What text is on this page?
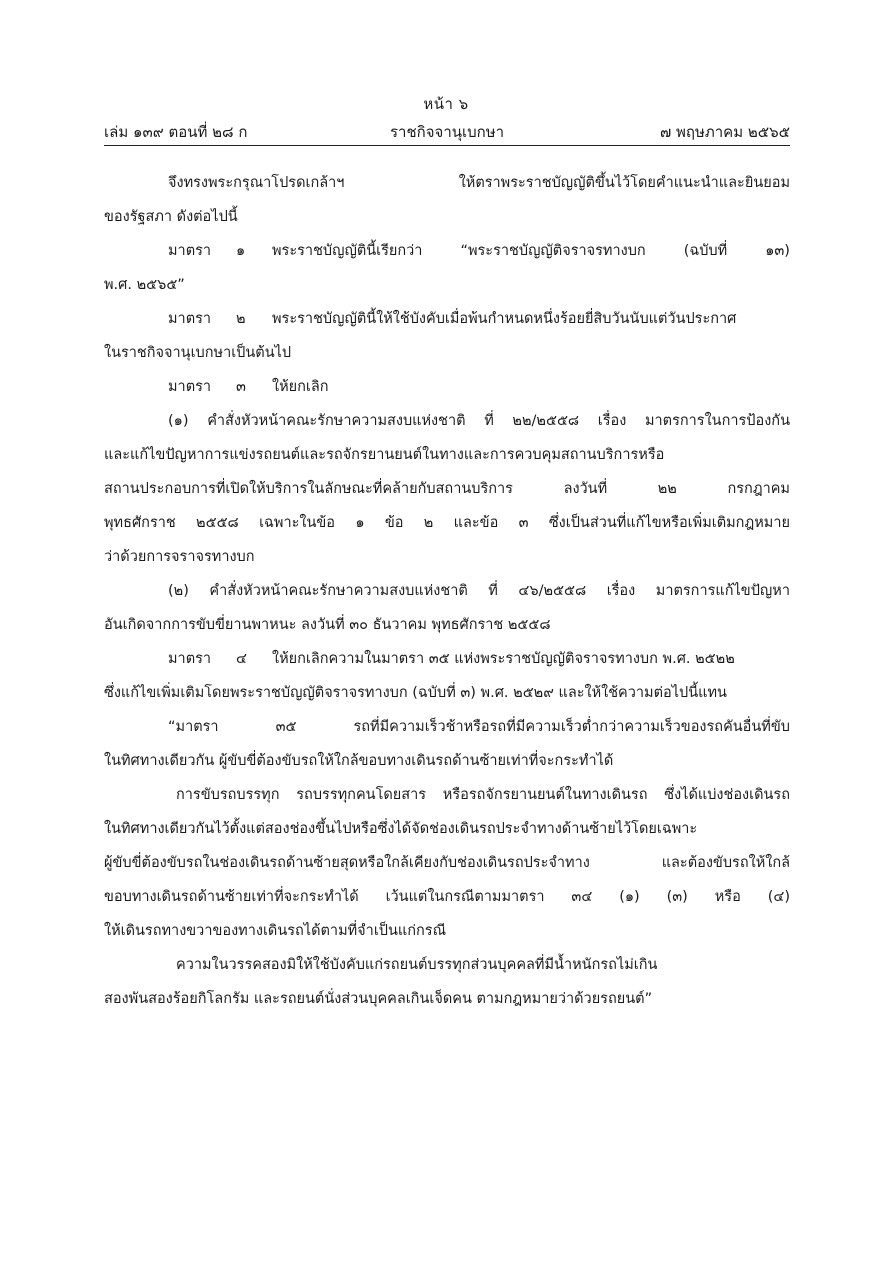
หน้า ๖
เล่ม ๑๓๙ ตอนที่ ๒๘ ก	ราชกิจจานุเบกษา	๗ พฤษภาคม ๒๕๖๕
จึงทรงพระกรุณาโปรดเกล้าฯ	ให้ตราพระราชบัญญัติขึ้นไว้โดยคำแนะนำและยินยอม
ของรัฐสภา ดังต่อไปนี้
มาตรา	๑	พระราชบัญญัตินี้เรียกว่า	“พระราชบัญญัติจราจรทางบก	(ฉบับที่	๑๓)
พ.ศ. ๒๕๖๕”
มาตรา	๒	พระราชบัญญัตินี้ให้ใช้บังคับเมื่อพ้นกำหนดหนึ่งร้อยยี่สิบวันนับแต่วันประกาศ
ในราชกิจจานุเบกษาเป็นต้นไป
มาตรา	๓	ให้ยกเลิก
(๑) คำสั่งหัวหน้าคณะรักษาความสงบแห่งชาติ ที่ ๒๒/๒๕๕๘ เรื่อง มาตรการในการป้องกัน
และแก้ไขปัญหาการแข่งรถยนต์และรถจักรยานยนต์ในทางและการควบคุมสถานบริการหรือ
สถานประกอบการที่เปิดให้บริการในลักษณะที่คล้ายกับสถานบริการ	ลงวันที่	๒๒	กรกฎาคม
พุทธศักราช ๒๕๕๘ เฉพาะในข้อ ๑ ข้อ ๒ และข้อ ๓ ซึ่งเป็นส่วนที่แก้ไขหรือเพิ่มเติมกฎหมาย
ว่าด้วยการจราจรทางบก
(๒) คำสั่งหัวหน้าคณะรักษาความสงบแห่งชาติ ที่ ๔๖/๒๕๕๘ เรื่อง มาตรการแก้ไขปัญหา
อันเกิดจากการขับขี่ยานพาหนะ ลงวันที่ ๓๐ ธันวาคม พุทธศักราช ๒๕๕๘
มาตรา	๔	ให้ยกเลิกความในมาตรา ๓๕ แห่งพระราชบัญญัติจราจรทางบก พ.ศ. ๒๕๒๒
ซึ่งแก้ไขเพิ่มเติมโดยพระราชบัญญัติจราจรทางบก (ฉบับที่ ๓) พ.ศ. ๒๕๒๙ และให้ใช้ความต่อไปนี้แทน
“มาตรา	๓๕	รถที่มีความเร็วช้าหรือรถที่มีความเร็วต่ำกว่าความเร็วของรถคันอื่นที่ขับ
ในทิศทางเดียวกัน ผู้ขับขี่ต้องขับรถให้ใกล้ขอบทางเดินรถด้านซ้ายเท่าที่จะกระทำได้
การขับรถบรรทุก รถบรรทุกคนโดยสาร หรือรถจักรยานยนต์ในทางเดินรถ ซึ่งได้แบ่งช่องเดินรถ
ในทิศทางเดียวกันไว้ตั้งแต่สองช่องขึ้นไปหรือซึ่งได้จัดช่องเดินรถประจำทางด้านซ้ายไว้โดยเฉพาะ
ผู้ขับขี่ต้องขับรถในช่องเดินรถด้านซ้ายสุดหรือใกล้เคียงกับช่องเดินรถประจำทาง	และต้องขับรถให้ใกล้
ขอบทางเดินรถด้านซ้ายเท่าที่จะกระทำได้ เว้นแต่ในกรณีตามมาตรา ๓๔ (๑) (๓) หรือ (๔)
ให้เดินรถทางขวาของทางเดินรถได้ตามที่จำเป็นแก่กรณี
ความในวรรคสองมิให้ใช้บังคับแก่รถยนต์บรรทุกส่วนบุคคลที่มีน้ำหนักรถไม่เกิน
สองพันสองร้อยกิโลกรัม และรถยนต์นั่งส่วนบุคคลเกินเจ็ดคน ตามกฎหมายว่าด้วยรถยนต์”
